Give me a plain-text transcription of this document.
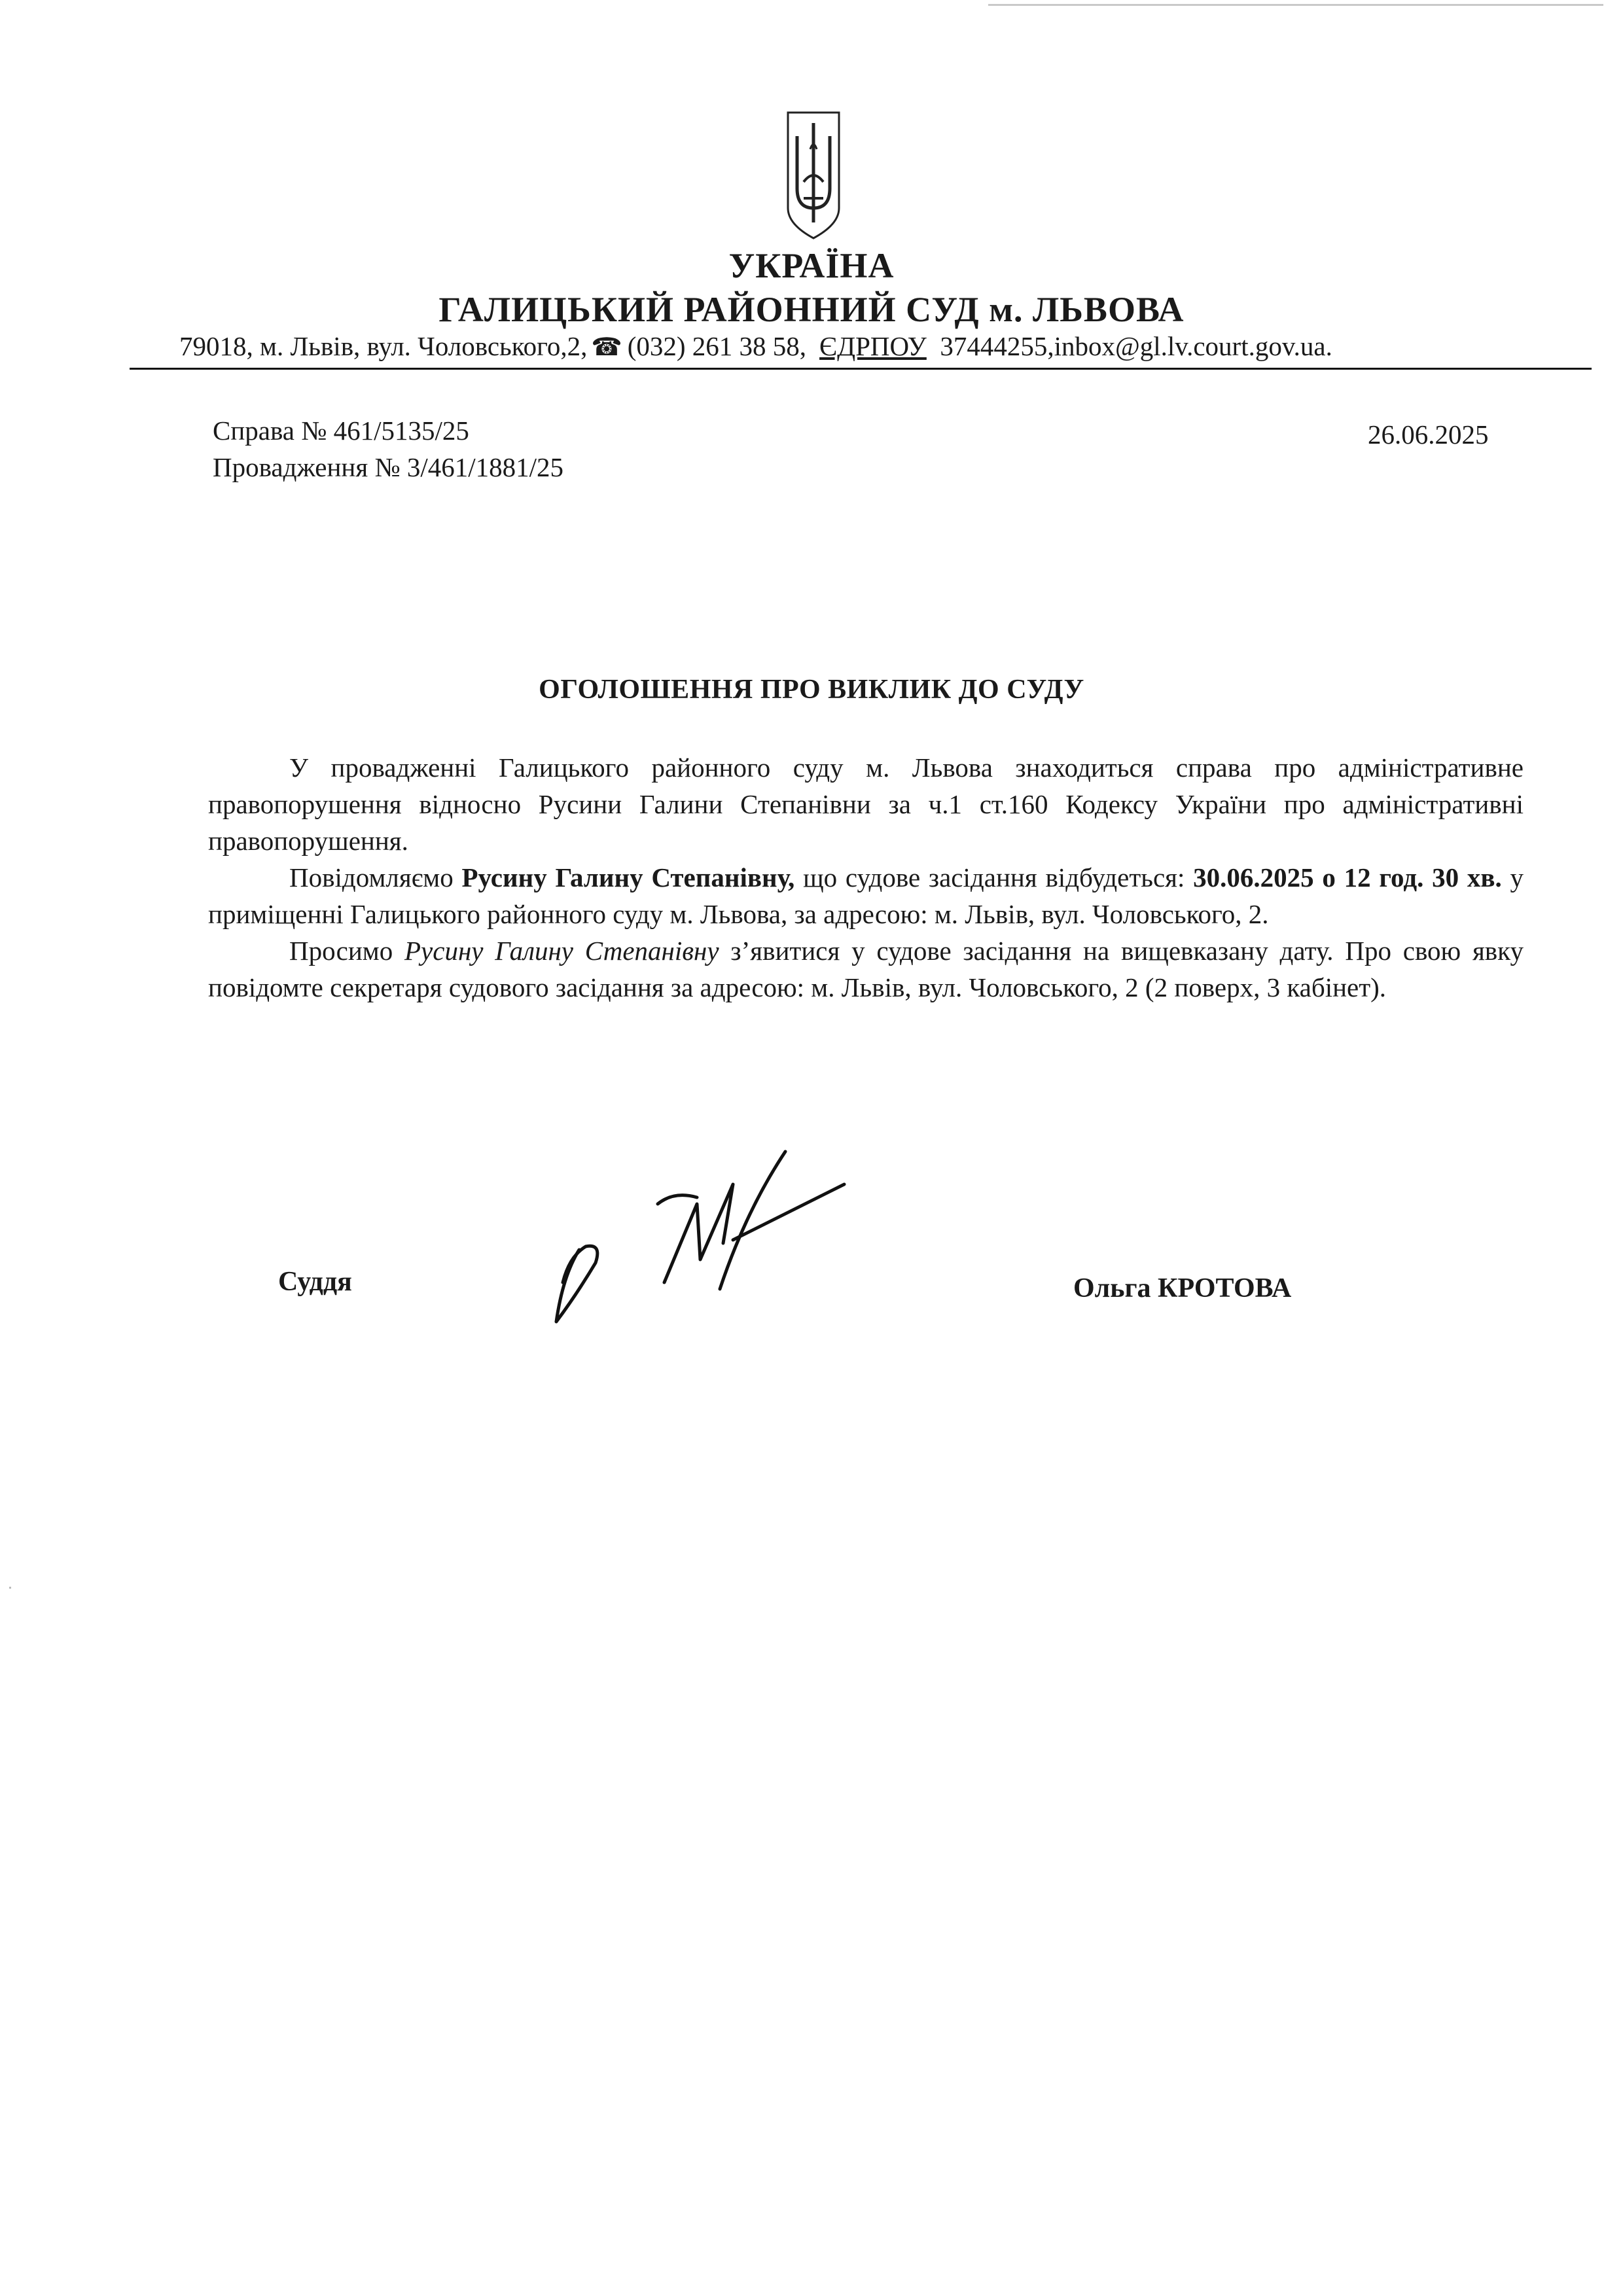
УКРАЇНА
ГАЛИЦЬКИЙ РАЙОННИЙ СУД м. ЛЬВОВА
79018, м. Львів, вул. Чоловського,2, ☎ (032) 261 38 58, ЄДРПОУ 37444255,inbox@gl.lv.court.gov.ua.
Справа № 461/5135/25
Провадження № 3/461/1881/25
26.06.2025
ОГОЛОШЕННЯ ПРО ВИКЛИК ДО СУДУ

У провадженні Галицького районного суду м. Львова знаходиться справа про адміністративне правопорушення відносно Русини Галини Степанівни за ч.1 ст.160 Кодексу України про адміністративні правопорушення.

Повідомляємо Русину Галину Степанівну, що судове засідання відбудеться: 30.06.2025 о 12 год. 30 хв. у приміщенні Галицького районного суду м. Львова, за адресою: м. Львів, вул. Чоловського, 2.

Просимо Русину Галину Степанівну з’явитися у судове засідання на вищевказану дату. Про свою явку повідомте секретаря судового засідання за адресою: м. Львів, вул. Чоловського, 2 (2 поверх, 3 кабінет).

Суддя	Ольга КРОТОВА
